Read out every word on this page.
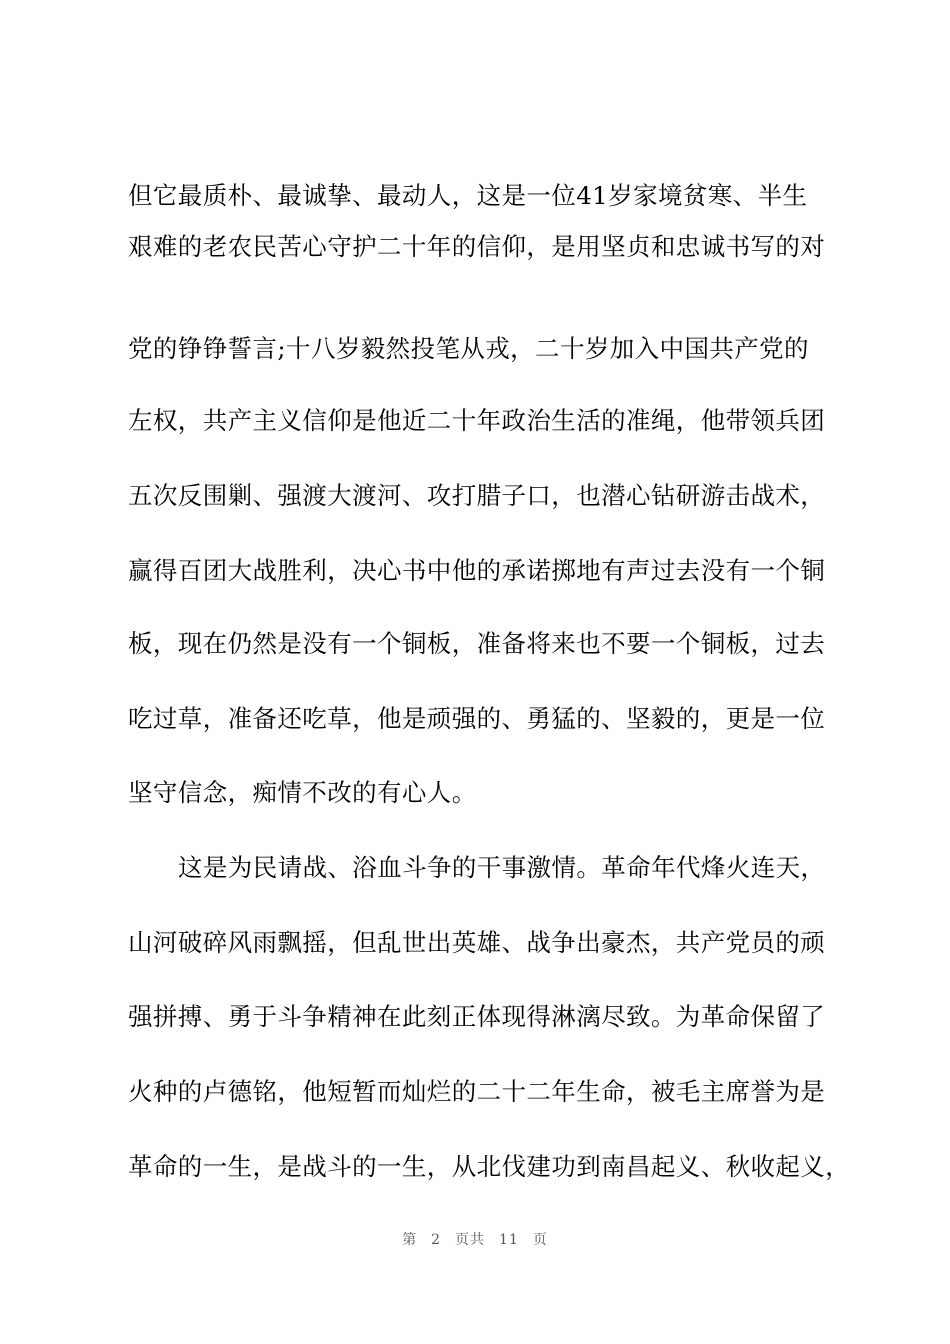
但它最质朴、最诚挚、最动人，这是一位41岁家境贫寒、半生
艰难的老农民苦心守护二十年的信仰，是用坚贞和忠诚书写的对
党的铮铮誓言;十八岁毅然投笔从戎，二十岁加入中国共产党的
左权，共产主义信仰是他近二十年政治生活的准绳，他带领兵团
五次反围剿、强渡大渡河、攻打腊子口，也潜心钻研游击战术，
赢得百团大战胜利，决心书中他的承诺掷地有声过去没有一个铜
板，现在仍然是没有一个铜板，准备将来也不要一个铜板，过去
吃过草，准备还吃草，他是顽强的、勇猛的、坚毅的，更是一位
坚守信念，痴情不改的有心人。
这是为民请战、浴血斗争的干事激情。革命年代烽火连天，
山河破碎风雨飘摇，但乱世出英雄、战争出豪杰，共产党员的顽
强拼搏、勇于斗争精神在此刻正体现得淋漓尽致。为革命保留了
火种的卢德铭，他短暂而灿烂的二十二年生命，被毛主席誉为是
革命的一生，是战斗的一生，从北伐建功到南昌起义、秋收起义，
第 2 页共 11 页
